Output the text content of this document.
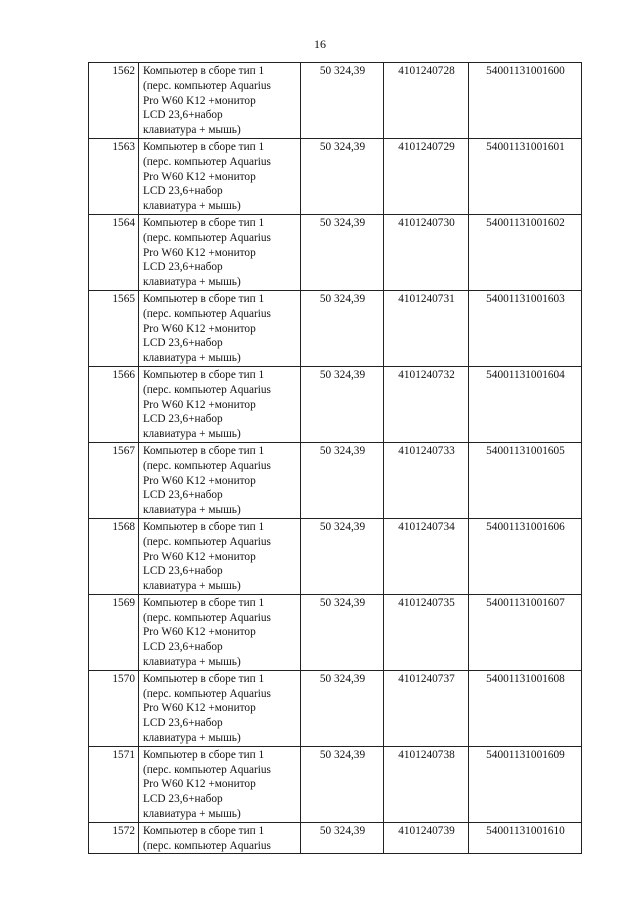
16
1562	Компьютер в сборе тип 1
(перс. компьютер Aquarius
Pro W60 K12 +монитор
LCD 23,6+набор
клавиатура + мышь)	50 324,39	4101240728	54001131001600
1563	Компьютер в сборе тип 1
(перс. компьютер Aquarius
Pro W60 K12 +монитор
LCD 23,6+набор
клавиатура + мышь)	50 324,39	4101240729	54001131001601
1564	Компьютер в сборе тип 1
(перс. компьютер Aquarius
Pro W60 K12 +монитор
LCD 23,6+набор
клавиатура + мышь)	50 324,39	4101240730	54001131001602
1565	Компьютер в сборе тип 1
(перс. компьютер Aquarius
Pro W60 K12 +монитор
LCD 23,6+набор
клавиатура + мышь)	50 324,39	4101240731	54001131001603
1566	Компьютер в сборе тип 1
(перс. компьютер Aquarius
Pro W60 K12 +монитор
LCD 23,6+набор
клавиатура + мышь)	50 324,39	4101240732	54001131001604
1567	Компьютер в сборе тип 1
(перс. компьютер Aquarius
Pro W60 K12 +монитор
LCD 23,6+набор
клавиатура + мышь)	50 324,39	4101240733	54001131001605
1568	Компьютер в сборе тип 1
(перс. компьютер Aquarius
Pro W60 K12 +монитор
LCD 23,6+набор
клавиатура + мышь)	50 324,39	4101240734	54001131001606
1569	Компьютер в сборе тип 1
(перс. компьютер Aquarius
Pro W60 K12 +монитор
LCD 23,6+набор
клавиатура + мышь)	50 324,39	4101240735	54001131001607
1570	Компьютер в сборе тип 1
(перс. компьютер Aquarius
Pro W60 K12 +монитор
LCD 23,6+набор
клавиатура + мышь)	50 324,39	4101240737	54001131001608
1571	Компьютер в сборе тип 1
(перс. компьютер Aquarius
Pro W60 K12 +монитор
LCD 23,6+набор
клавиатура + мышь)	50 324,39	4101240738	54001131001609
1572	Компьютер в сборе тип 1
(перс. компьютер Aquarius	50 324,39	4101240739	54001131001610
